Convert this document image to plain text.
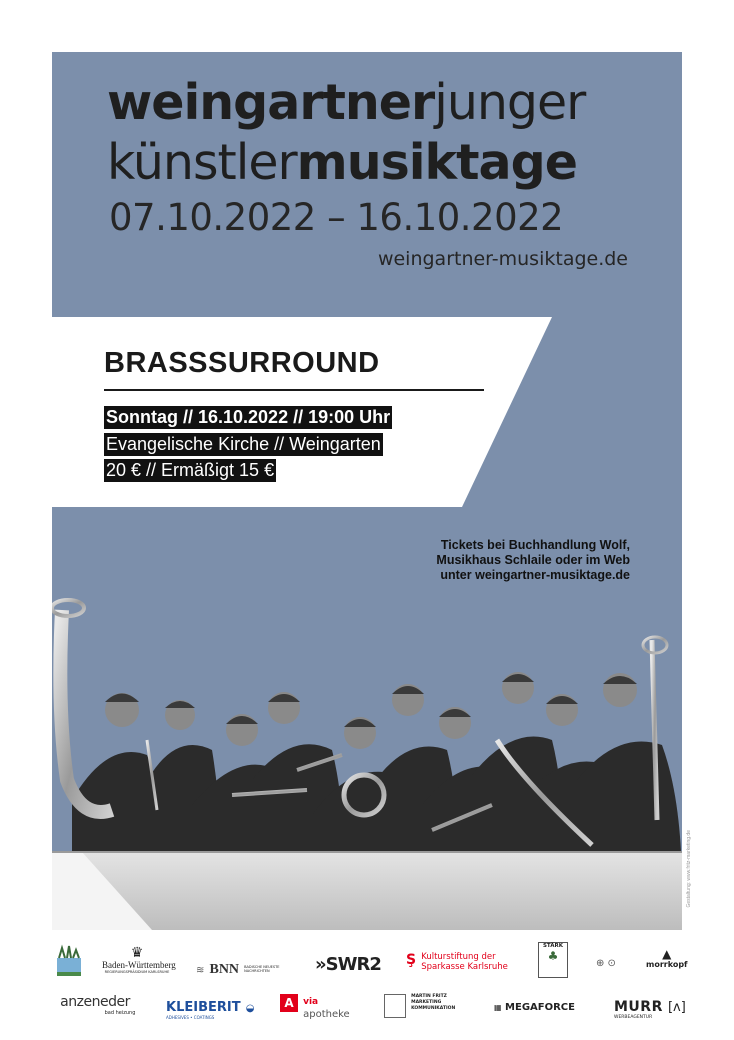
weingartnerjunger
künstlermusiktage
07.10.2022 – 16.10.2022
weingartner-musiktage.de
BRASSSURROUND
Sonntag // 16.10.2022 // 19:00 Uhr
Evangelische Kirche // Weingarten
20 € // Ermäßigt 15 €
Tickets bei Buchhandlung Wolf,
Musikhaus Schlaile oder im Web
unter weingartner-musiktage.de
Gestaltung: www.fritz-marketing.de
♛
Baden-Württemberg
REGIERUNGSPRÄSIDIUM KARLSRUHE	≋ BNN BADISCHE NEUESTE NACHRICHTEN	»SWR2 Ş Kulturstiftung der
Sparkasse Karlsruhe
STÄRK
♣
⊕ ⊙
▲
morrkopf
anzeneder
bad heizung	KLEIBERIT ◒
ADHESIVES • COATINGS
A via
apotheke
MARTIN FRITZ
MARKETING
KOMMUNIKATION	▦ MEGAFORCE	MURR [ʌ]
WERBEAGENTUR
